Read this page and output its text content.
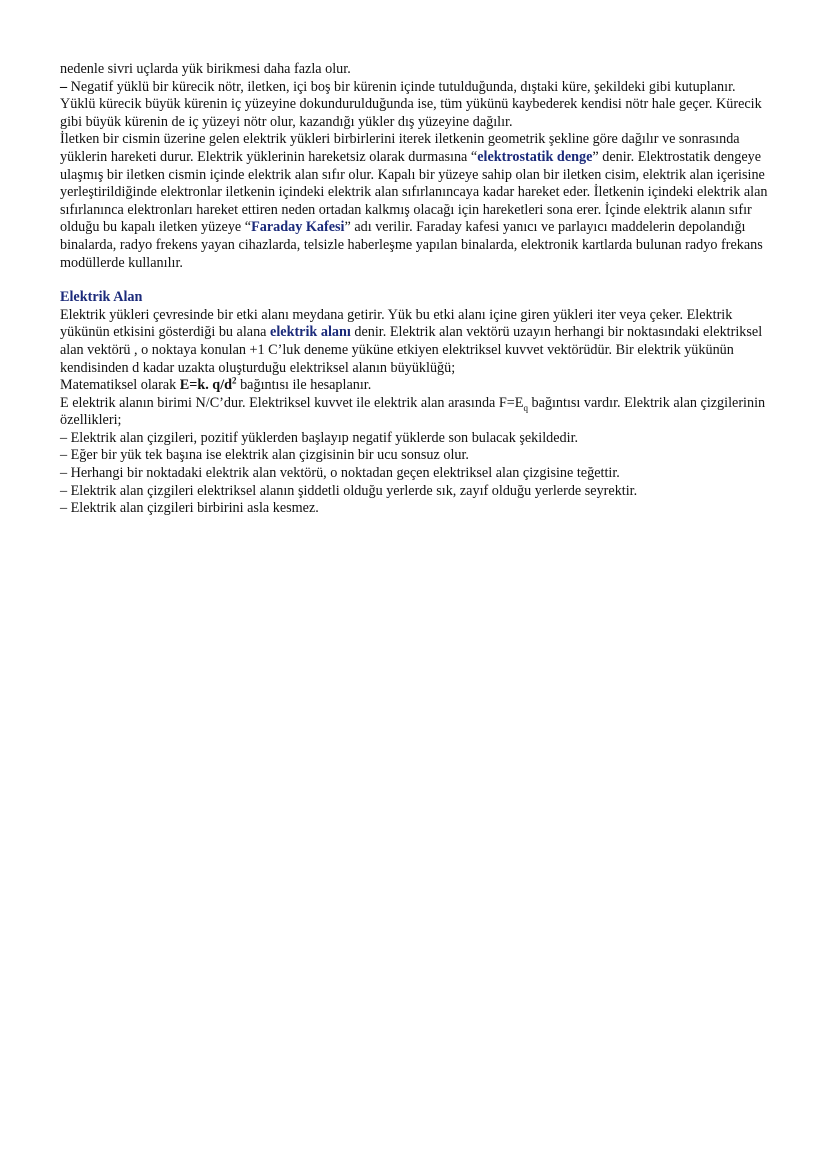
nedenle sivri uçlarda yük birikmesi daha fazla olur.

– Negatif yüklü bir kürecik nötr, iletken, içi boş bir kürenin içinde tutulduğunda, dıştaki küre, şekildeki gibi kutuplanır. Yüklü kürecik büyük kürenin iç yüzeyine dokundurulduğunda ise, tüm yükünü kaybederek kendisi nötr hale geçer. Kürecik gibi büyük kürenin de iç yüzeyi nötr olur, kazandığı yükler dış yüzeyine dağılır.

İletken bir cismin üzerine gelen elektrik yükleri birbirlerini iterek iletkenin geometrik şekline göre dağılır ve sonrasında yüklerin hareketi durur. Elektrik yüklerinin hareketsiz olarak durmasına “elektrostatik denge” denir. Elektrostatik dengeye ulaşmış bir iletken cismin içinde elektrik alan sıfır olur. Kapalı bir yüzeye sahip olan bir iletken cisim, elektrik alan içerisine yerleştirildiğinde elektronlar iletkenin içindeki elektrik alan sıfırlanıncaya kadar hareket eder. İletkenin içindeki elektrik alan sıfırlanınca elektronları hareket ettiren neden ortadan kalkmış olacağı için hareketleri sona erer. İçinde elektrik alanın sıfır olduğu bu kapalı iletken yüzeye “Faraday Kafesi” adı verilir. Faraday kafesi yanıcı ve parlayıcı maddelerin depolandığı binalarda, radyo frekens yayan cihazlarda, telsizle haberleşme yapılan binalarda, elektronik kartlarda bulunan radyo frekans modüllerde kullanılır.

Elektrik Alan

Elektrik yükleri çevresinde bir etki alanı meydana getirir. Yük bu etki alanı içine giren yükleri iter veya çeker. Elektrik yükünün etkisini gösterdiği bu alana elektrik alanı denir. Elektrik alan vektörü uzayın herhangi bir noktasındaki elektriksel alan vektörü , o noktaya konulan +1 C’luk deneme yüküne etkiyen elektriksel kuvvet vektörüdür. Bir elektrik yükünün kendisinden d kadar uzakta oluşturduğu elektriksel alanın büyüklüğü;

Matematiksel olarak E=k. $q/d^2$ bağıntısı ile hesaplanır.

E elektrik alanın birimi N/C’dur. Elektriksel kuvvet ile elektrik alan arasında $F=E_q$ bağıntısı vardır. Elektrik alan çizgilerinin özellikleri;

– Elektrik alan çizgileri, pozitif yüklerden başlayıp negatif yüklerde son bulacak şekildedir.

– Eğer bir yük tek başına ise elektrik alan çizgisinin bir ucu sonsuz olur.

– Herhangi bir noktadaki elektrik alan vektörü, o noktadan geçen elektriksel alan çizgisine teğettir.

– Elektrik alan çizgileri elektriksel alanın şiddetli olduğu yerlerde sık, zayıf olduğu yerlerde seyrektir.

– Elektrik alan çizgileri birbirini asla kesmez.
